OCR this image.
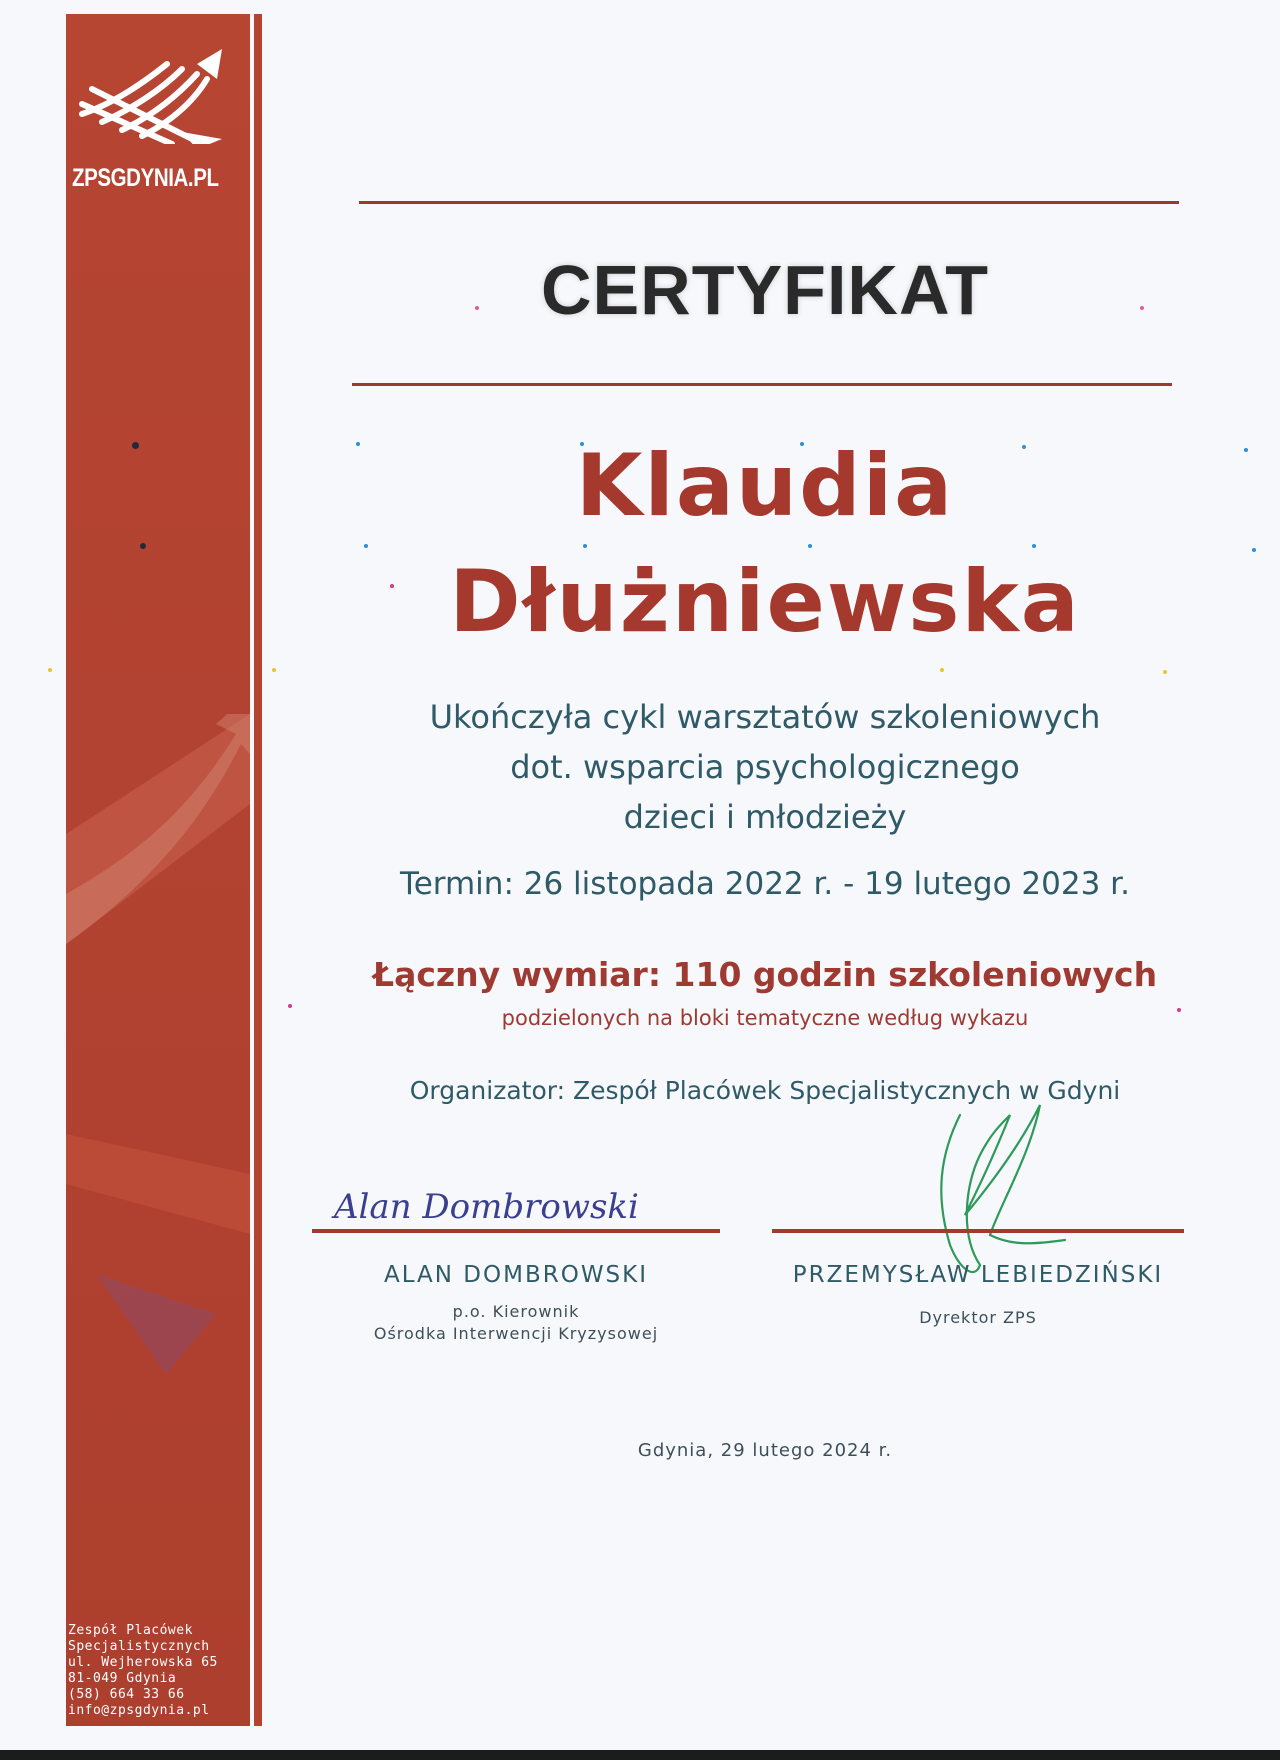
ZPSGDYNIA.PL
Zespół Placówek
Specjalistycznych
ul. Wejherowska 65
81-049 Gdynia
(58) 664 33 66
info@zpsgdynia.pl
CERTYFIKAT
Klaudia
Dłużniewska
Ukończyła cykl warsztatów szkoleniowych
dot. wsparcia psychologicznego
dzieci i młodzieży
Termin: 26 listopada 2022 r. - 19 lutego 2023 r.
Łączny wymiar: 110 godzin szkoleniowych
podzielonych na bloki tematyczne według wykazu
Organizator: Zespół Placówek Specjalistycznych w Gdyni
Alan Dombrowski
ALAN DOMBROWSKI	PRZEMYSŁAW LEBIEDZIŃSKI
p.o. Kierownik
Ośrodka Interwencji Kryzysowej
Dyrektor ZPS
Gdynia, 29 lutego 2024 r.
